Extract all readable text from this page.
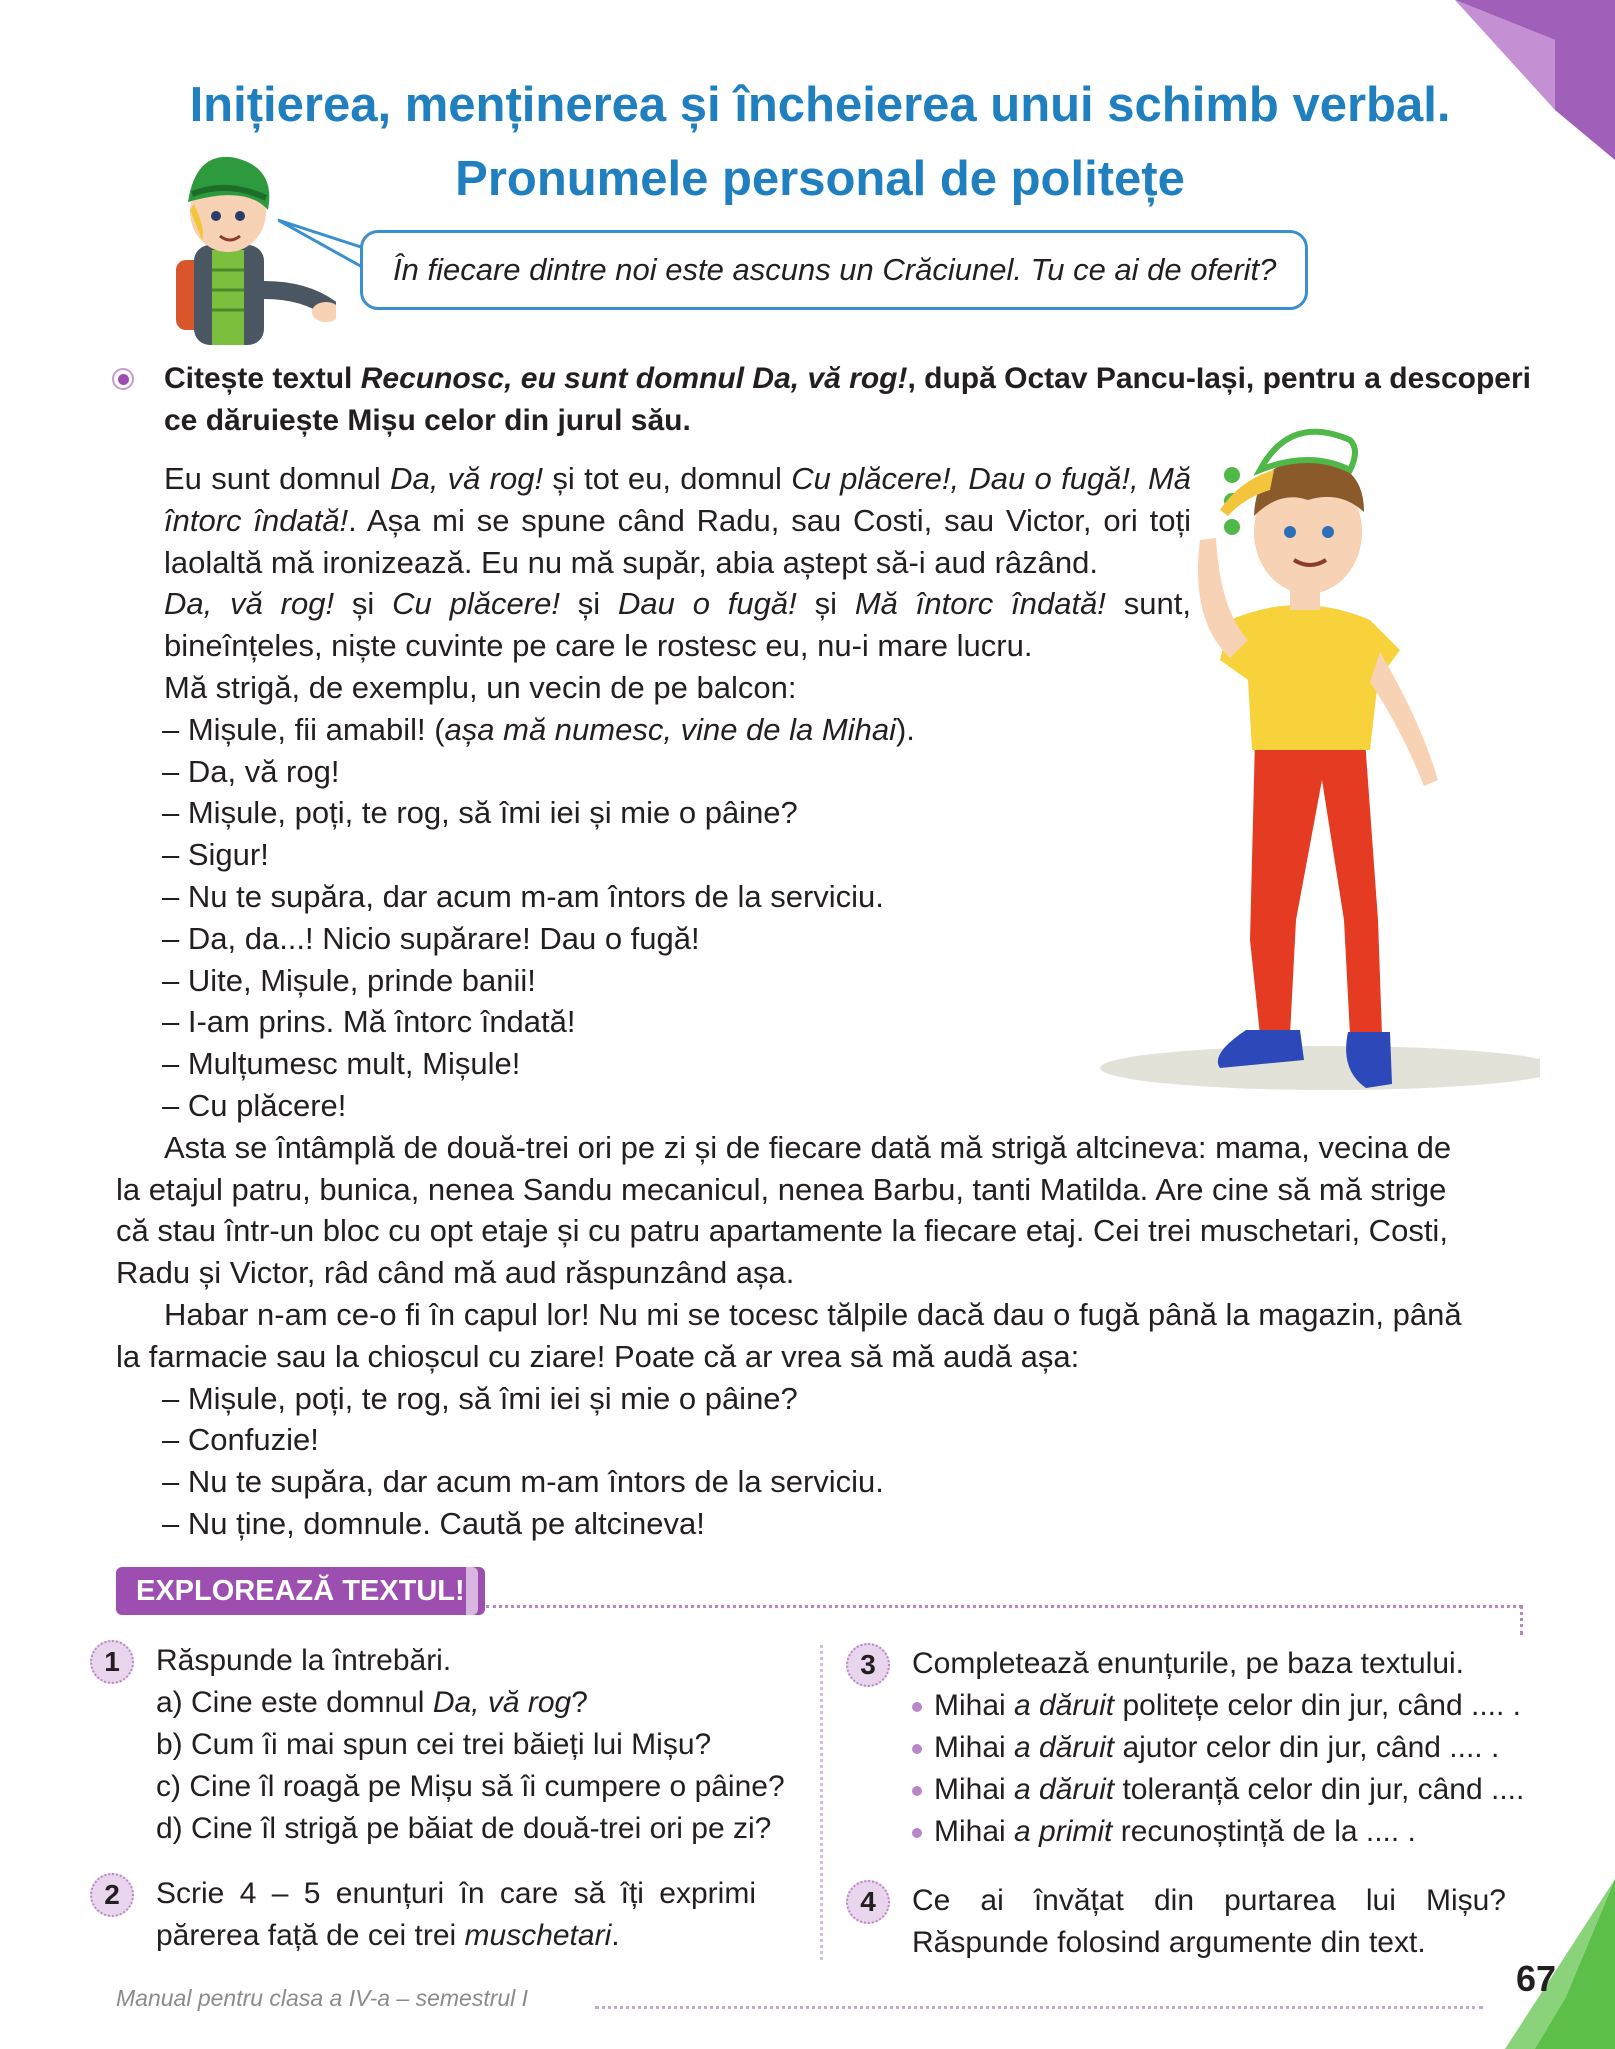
Inițierea, menținerea și încheierea unui schimb verbal.
Pronumele personal de politețe
În fiecare dintre noi este ascuns un Crăciunel. Tu ce ai de oferit?
Citește textul Recunosc, eu sunt domnul Da, vă rog!, după Octav Pancu-Iași, pentru a descoperi ce dăruiește Mișu celor din jurul său.

Eu sunt domnul Da, vă rog! și tot eu, domnul Cu plăcere!, Dau o fugă!, Mă întorc îndată!. Așa mi se spune când Radu, sau Costi, sau Victor, ori toți laolaltă mă ironizează. Eu nu mă supăr, abia aștept să-i aud râzând.

Da, vă rog! și Cu plăcere! și Dau o fugă! și Mă întorc îndată! sunt, bineînțeles, niște cuvinte pe care le rostesc eu, nu-i mare lucru.

Mă strigă, de exemplu, un vecin de pe balcon:

– Mișule, fii amabil! (așa mă numesc, vine de la Mihai).

– Da, vă rog!

– Mișule, poți, te rog, să îmi iei și mie o pâine?

– Sigur!

– Nu te supăra, dar acum m-am întors de la serviciu.

– Da, da...! Nicio supărare! Dau o fugă!

– Uite, Mișule, prinde banii!

– I-am prins. Mă întorc îndată!

– Mulțumesc mult, Mișule!

– Cu plăcere!

Asta se întâmplă de două-trei ori pe zi și de fiecare dată mă strigă altcineva: mama, vecina de

la etajul patru, bunica, nenea Sandu mecanicul, nenea Barbu, tanti Matilda. Are cine să mă strige

că stau într-un bloc cu opt etaje și cu patru apartamente la fiecare etaj. Cei trei muschetari, Costi,

Radu și Victor, râd când mă aud răspunzând așa.

Habar n-am ce-o fi în capul lor! Nu mi se tocesc tălpile dacă dau o fugă până la magazin, până

la farmacie sau la chioșcul cu ziare! Poate că ar vrea să mă audă așa:

– Mișule, poți, te rog, să îmi iei și mie o pâine?

– Confuzie!

– Nu te supăra, dar acum m-am întors de la serviciu.

– Nu ține, domnule. Caută pe altcineva!

EXPLOREAZĂ TEXTUL!
1	Răspunde la întrebări.
a) Cine este domnul Da, vă rog?
b) Cum îi mai spun cei trei băieți lui Mișu?
c) Cine îl roagă pe Mișu să îi cumpere o pâine?
d) Cine îl strigă pe băiat de două-trei ori pe zi?
2	Scrie 4 – 5 enunțuri în care să îți exprimi
părerea față de cei trei muschetari.
3	Completează enunțurile, pe baza textului.
Mihai a dăruit politețe celor din jur, când .... .
Mihai a dăruit ajutor celor din jur, când .... .
Mihai a dăruit toleranță celor din jur, când ....
Mihai a primit recunoștință de la .... .
4	Ce ai învățat din purtarea lui Mișu?
Răspunde folosind argumente din text.
Manual pentru clasa a IV-a – semestrul I	67
